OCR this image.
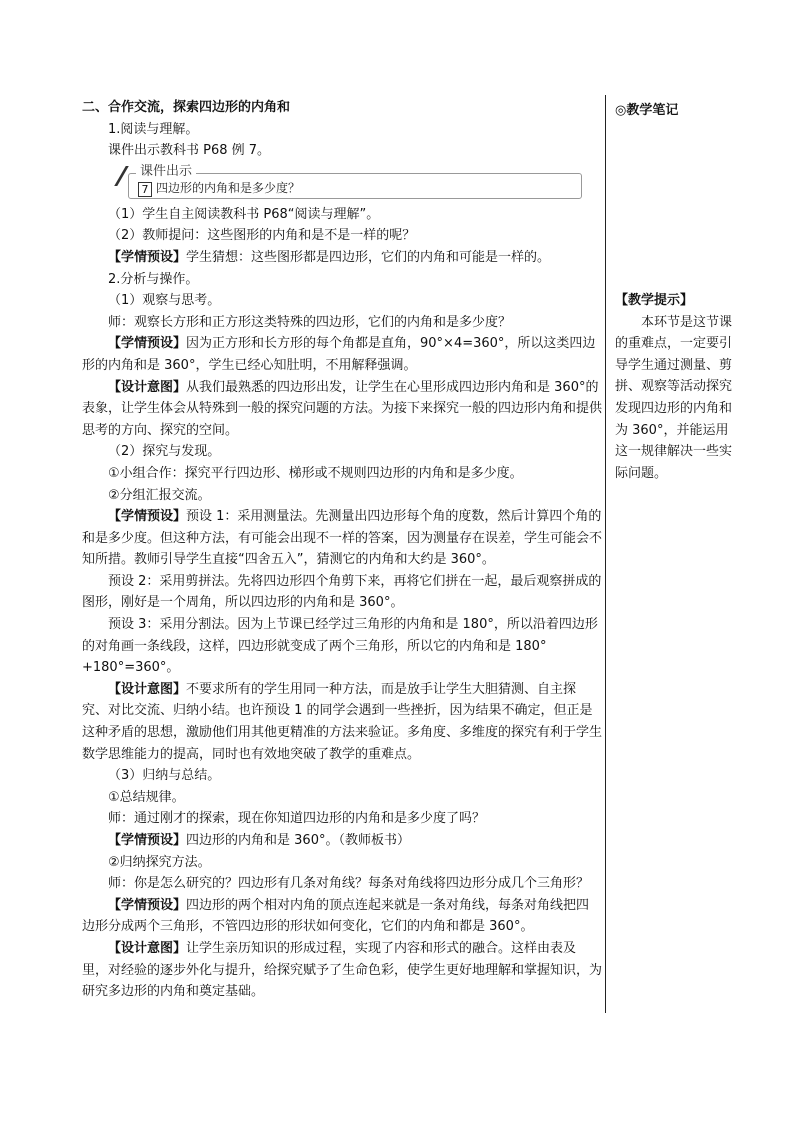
二、合作交流，探索四边形的内角和

1.阅读与理解。

课件出示教科书 P68 例 7。

课件出示
7 四边形的内角和是多少度？

（1）学生自主阅读教科书 P68“阅读与理解”。

（2）教师提问：这些图形的内角和是不是一样的呢？

【学情预设】学生猜想：这些图形都是四边形，它们的内角和可能是一样的。

2.分析与操作。

（1）观察与思考。

师：观察长方形和正方形这类特殊的四边形，它们的内角和是多少度？

【学情预设】因为正方形和长方形的每个角都是直角，90°×4=360°，所以这类四边形的内角和是 360°，学生已经心知肚明，不用解释强调。

【设计意图】从我们最熟悉的四边形出发，让学生在心里形成四边形内角和是 360°的表象，让学生体会从特殊到一般的探究问题的方法。为接下来探究一般的四边形内角和提供思考的方向、探究的空间。

（2）探究与发现。

①小组合作：探究平行四边形、梯形或不规则四边形的内角和是多少度。

②分组汇报交流。

【学情预设】预设 1：采用测量法。先测量出四边形每个角的度数，然后计算四个角的和是多少度。但这种方法，有可能会出现不一样的答案，因为测量存在误差，学生可能会不知所措。教师引导学生直接“四舍五入”，猜测它的内角和大约是 360°。

预设 2：采用剪拼法。先将四边形四个角剪下来，再将它们拼在一起，最后观察拼成的图形，刚好是一个周角，所以四边形的内角和是 360°。

预设 3：采用分割法。因为上节课已经学过三角形的内角和是 180°，所以沿着四边形的对角画一条线段，这样，四边形就变成了两个三角形，所以它的内角和是 180°+180°=360°。

【设计意图】不要求所有的学生用同一种方法，而是放手让学生大胆猜测、自主探究、对比交流、归纳小结。也许预设 1 的同学会遇到一些挫折，因为结果不确定，但正是这种矛盾的思想，激励他们用其他更精准的方法来验证。多角度、多维度的探究有利于学生数学思维能力的提高，同时也有效地突破了教学的重难点。

（3）归纳与总结。

①总结规律。

师：通过刚才的探索，现在你知道四边形的内角和是多少度了吗？

【学情预设】四边形的内角和是 360°。（教师板书）

②归纳探究方法。

师：你是怎么研究的？四边形有几条对角线？每条对角线将四边形分成几个三角形？

【学情预设】四边形的两个相对内角的顶点连起来就是一条对角线，每条对角线把四边形分成两个三角形，不管四边形的形状如何变化，它们的内角和都是 360°。

【设计意图】让学生亲历知识的形成过程，实现了内容和形式的融合。这样由表及里，对经验的逐步外化与提升，给探究赋予了生命色彩，使学生更好地理解和掌握知识，为研究多边形的内角和奠定基础。

◎教学笔记
【教学提示】
本环节是这节课的重难点，一定要引导学生通过测量、剪拼、观察等活动探究发现四边形的内角和为 360°，并能运用这一规律解决一些实际问题。
